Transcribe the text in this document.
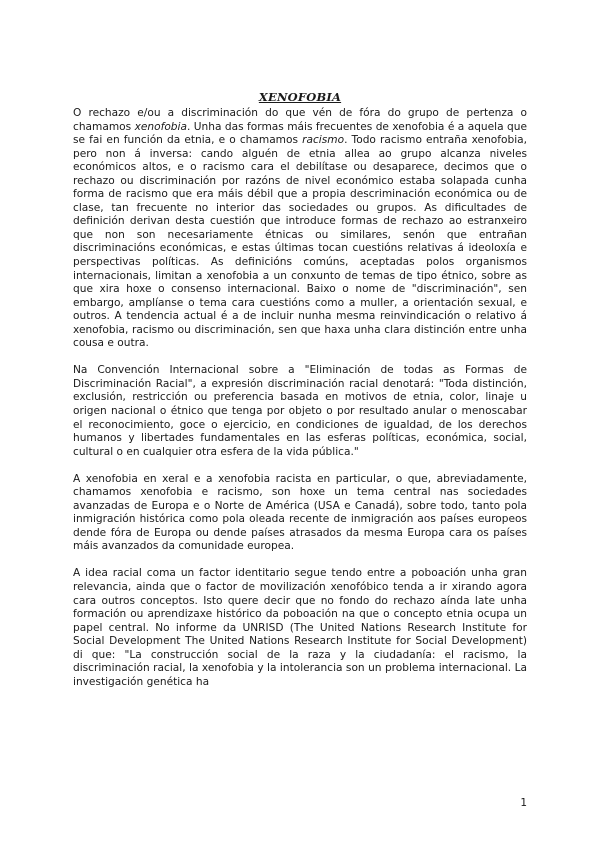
XENOFOBIA

O rechazo e/ou a discriminación do que vén de fóra do grupo de pertenza o chamamos xenofobia. Unha das formas máis frecuentes de xenofobia é a aquela que se fai en función da etnia, e o chamamos racismo. Todo racismo entraña xenofobia, pero non á inversa: cando alguén de etnia allea ao grupo alcanza niveles económicos altos, e o racismo cara el debilítase ou desaparece, decimos que o rechazo ou discriminación por razóns de nivel económico estaba solapada cunha forma de racismo que era máis débil que a propia descriminación económica ou de clase, tan frecuente no interior das sociedades ou grupos. As dificultades de definición derivan desta cuestión que introduce formas de rechazo ao estranxeiro que non son necesariamente étnicas ou similares, senón que entrañan discriminacións económicas, e estas últimas tocan cuestións relativas á ideoloxía e perspectivas políticas. As definicións comúns, aceptadas polos organismos internacionais, limitan a xenofobia a un conxunto de temas de tipo étnico, sobre as que xira hoxe o consenso internacional. Baixo o nome de "discriminación", sen embargo, amplíanse o tema cara cuestións como a muller, a orientación sexual, e outros. A tendencia actual é a de incluir nunha mesma reinvindicación o relativo á xenofobia, racismo ou discriminación, sen que haxa unha clara distinción entre unha cousa e outra.

Na Convención Internacional sobre a "Eliminación de todas as Formas de Discriminación Racial", a expresión discriminación racial denotará: "Toda distinción, exclusión, restricción ou preferencia basada en motivos de etnia, color, linaje u origen nacional o étnico que tenga por objeto o por resultado anular o menoscabar el reconocimiento, goce o ejercicio, en condiciones de igualdad, de los derechos humanos y libertades fundamentales en las esferas políticas, económica, social, cultural o en cualquier otra esfera de la vida pública."

A xenofobia en xeral e a xenofobia racista en particular, o que, abreviadamente, chamamos xenofobia e racismo, son hoxe un tema central nas sociedades avanzadas de Europa e o Norte de América (USA e Canadá), sobre todo, tanto pola inmigración histórica como pola oleada recente de inmigración aos países europeos dende fóra de Europa ou dende países atrasados da mesma Europa cara os países máis avanzados da comunidade europea.

A idea racial coma un factor identitario segue tendo entre a poboación unha gran relevancia, ainda que o factor de movilización xenofóbico tenda a ir xirando agora cara outros conceptos. Isto quere decir que no fondo do rechazo aínda late unha formación ou aprendizaxe histórico da poboación na que o concepto etnia ocupa un papel central. No informe da UNRISD (The United Nations Research Institute for Social Development The United Nations Research Institute for Social Development) di que: "La construcción social de la raza y la ciudadanía: el racismo, la discriminación racial, la xenofobia y la intolerancia son un problema internacional. La investigación genética ha

1
